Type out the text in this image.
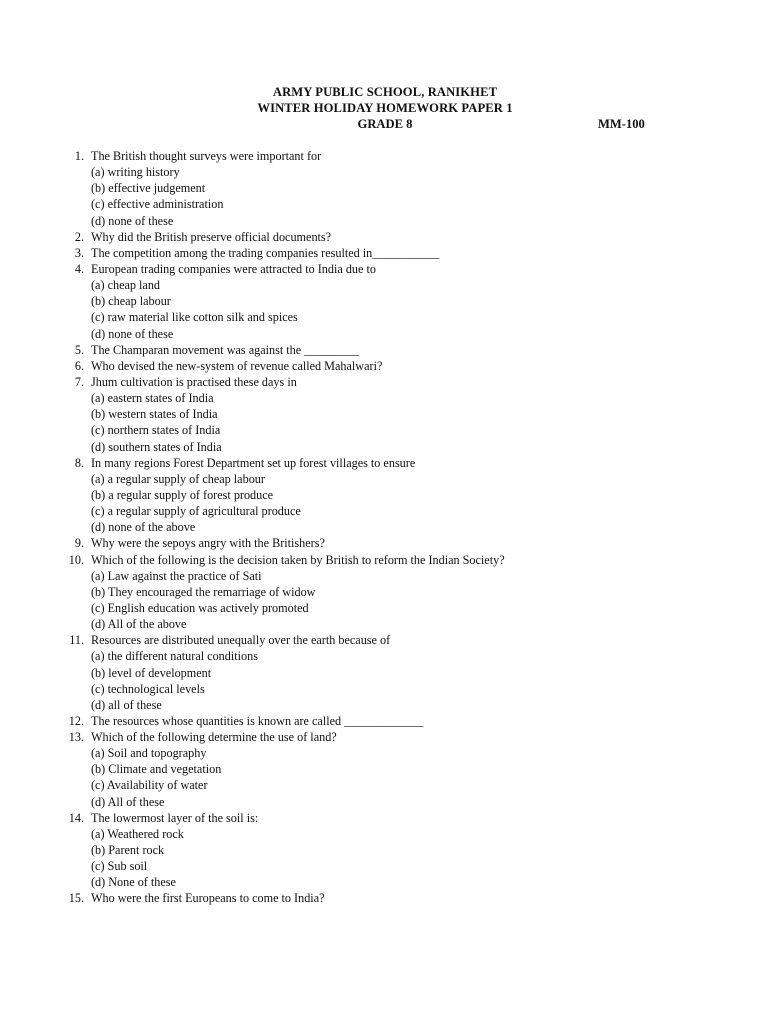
ARMY PUBLIC SCHOOL, RANIKHET
WINTER HOLIDAY HOMEWORK PAPER 1
GRADE 8	MM-100
1. The British thought surveys were important for
(a) writing history
(b) effective judgement
(c) effective administration
(d) none of these
2. Why did the British preserve official documents?
3. The competition among the trading companies resulted in___________
4. European trading companies were attracted to India due to
(a) cheap land
(b) cheap labour
(c) raw material like cotton silk and spices
(d) none of these
5. The Champaran movement was against the _________
6. Who devised the new-system of revenue called Mahalwari?
7. Jhum cultivation is practised these days in
(a) eastern states of India
(b) western states of India
(c) northern states of India
(d) southern states of India
8. In many regions Forest Department set up forest villages to ensure
(a) a regular supply of cheap labour
(b) a regular supply of forest produce
(c) a regular supply of agricultural produce
(d) none of the above
9. Why were the sepoys angry with the Britishers?
10. Which of the following is the decision taken by British to reform the Indian Society?
(a) Law against the practice of Sati
(b) They encouraged the remarriage of widow
(c) English education was actively promoted
(d) All of the above
11. Resources are distributed unequally over the earth because of
(a) the different natural conditions
(b) level of development
(c) technological levels
(d) all of these
12. The resources whose quantities is known are called _____________
13. Which of the following determine the use of land?
(a) Soil and topography
(b) Climate and vegetation
(c) Availability of water
(d) All of these
14. The lowermost layer of the soil is:
(a) Weathered rock
(b) Parent rock
(c) Sub soil
(d) None of these
15. Who were the first Europeans to come to India?
